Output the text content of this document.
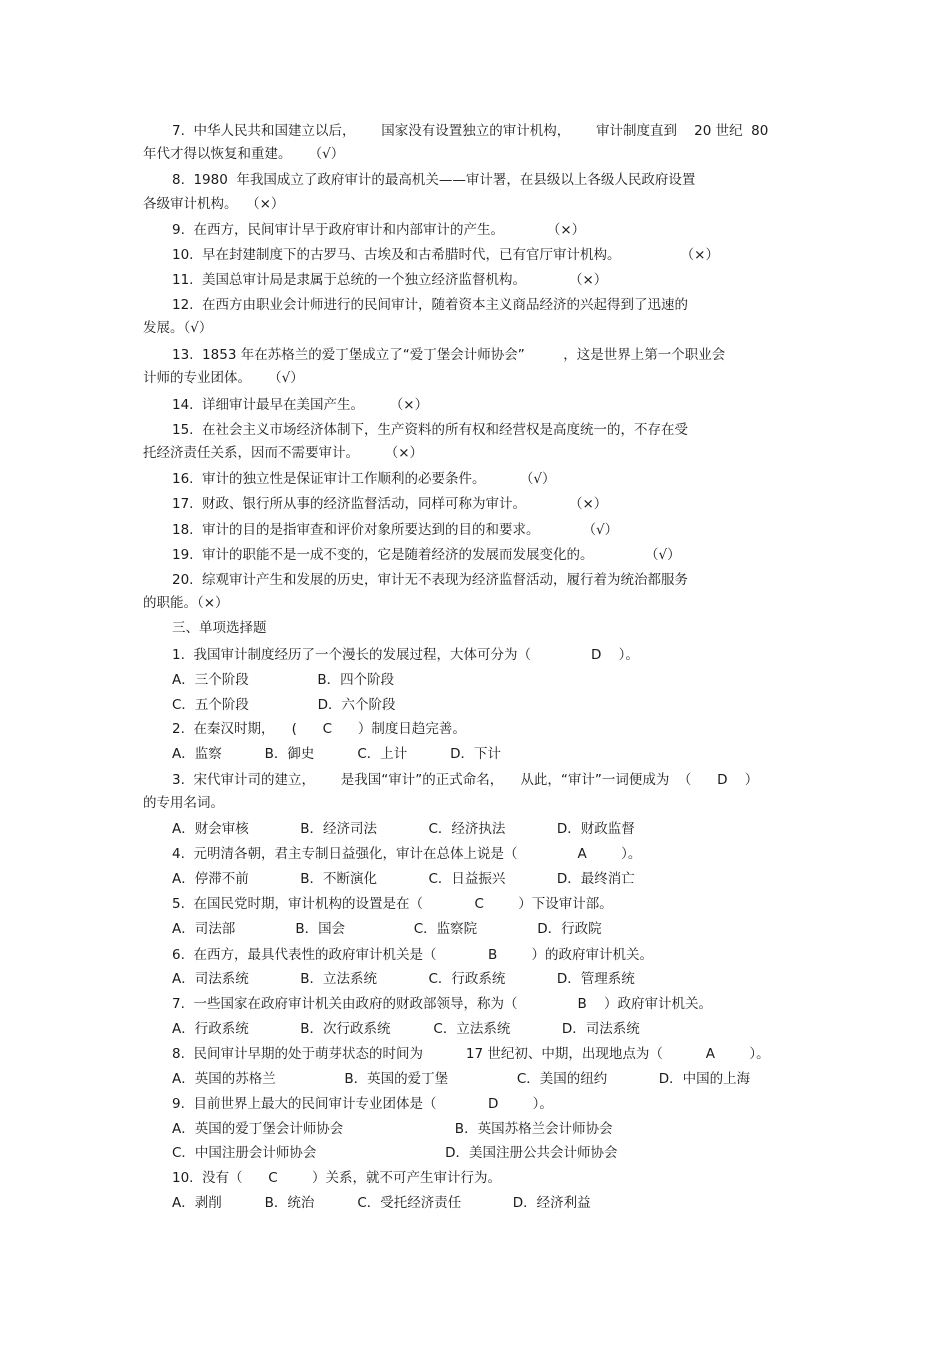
7.  中华人民共和国建立以后，      国家没有设置独立的审计机构，      审计制度直到    20 世纪  80
年代才得以恢复和重建。    （√）
8.  1980  年我国成立了政府审计的最高机关——审计署，在县级以上各级人民政府设置
各级审计机构。  （×）
9.  在西方，民间审计早于政府审计和内部审计的产生。          （×）
10.  早在封建制度下的古罗马、古埃及和古希腊时代，已有官厅审计机构。              （×）
11.  美国总审计局是隶属于总统的一个独立经济监督机构。          （×）
12.  在西方由职业会计师进行的民间审计，随着资本主义商品经济的兴起得到了迅速的
发展。（√）
13.  1853 年在苏格兰的爱丁堡成立了“爱丁堡会计师协会”         ，这是世界上第一个职业会
计师的专业团体。    （√）
14.  详细审计最早在美国产生。      （×）
15.  在社会主义市场经济体制下，生产资料的所有权和经营权是高度统一的，不存在受
托经济责任关系，因而不需要审计。      （×）
16.  审计的独立性是保证审计工作顺利的必要条件。        （√）
17.  财政、银行所从事的经济监督活动，同样可称为审计。          （×）
18.  审计的目的是指审查和评价对象所要达到的目的和要求。          （√）
19.  审计的职能不是一成不变的，它是随着经济的发展而发展变化的。            （√）
20.  综观审计产生和发展的历史，审计无不表现为经济监督活动，履行着为统治都服务
的职能。（×）
三、单项选择题
1.  我国审计制度经历了一个漫长的发展过程，大体可分为（              D    ）。
A．三个阶段                B．四个阶段
C．五个阶段                D．六个阶段
2.  在秦汉时期，    (      C      ）制度日趋完善。
A．监察          B．御史          C．上计          D．下计
3.  宋代审计司的建立，      是我国“审计”的正式命名，    从此，“审计”一词便成为  （      D    ）
的专用名词。
A．财会审核            B．经济司法            C．经济执法            D．财政监督
4.  元明清各朝，君主专制日益强化，审计在总体上说是（              A        ）。
A．停滞不前            B．不断演化            C．日益振兴            D．最终消亡
5.  在国民党时期，审计机构的设置是在（            C        ）下设审计部。
A．司法部              B．国会                C．监察院              D．行政院
6.  在西方，最具代表性的政府审计机关是（            B        ）的政府审计机关。
A．司法系统            B．立法系统            C．行政系统            D．管理系统
7.  一些国家在政府审计机关由政府的财政部领导，称为（              B    ）政府审计机关。
A．行政系统            B．次行政系统          C．立法系统            D．司法系统
8.  民间审计早期的处于萌芽状态的时间为          17 世纪初、中期，出现地点为（          A        ）。
A．英国的苏格兰                B．英国的爱丁堡                C．美国的纽约            D．中国的上海
9.  目前世界上最大的民间审计专业团体是（            D        ）。
A．英国的爱丁堡会计师协会                          B．英国苏格兰会计师协会
C．中国注册会计师协会                              D．美国注册公共会计师协会
10.  没有（      C        ）关系，就不可产生审计行为。
A．剥削          B．统治          C．受托经济责任            D．经济利益
